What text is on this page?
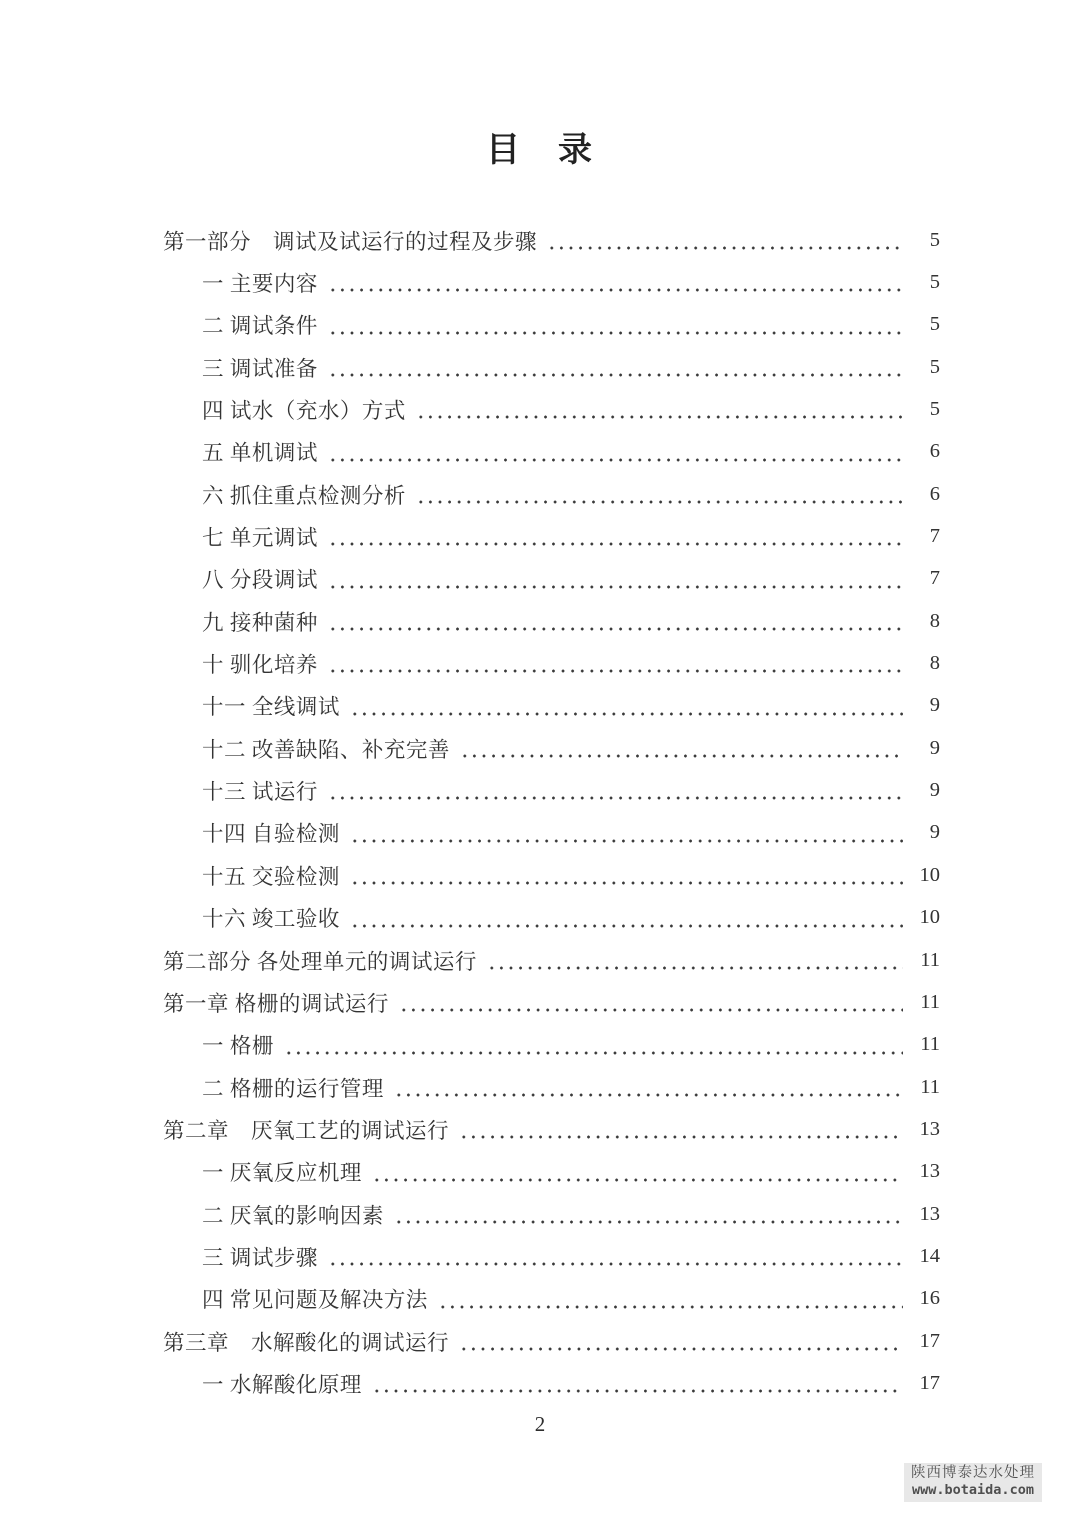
目　录
第一部分　调试及试运行的过程及步骤	5
一 主要内容	5
二 调试条件	5
三 调试准备	5
四 试水（充水）方式	5
五 单机调试	6
六 抓住重点检测分析	6
七 单元调试	7
八 分段调试	7
九 接种菌种	8
十 驯化培养	8
十一 全线调试	9
十二 改善缺陷、补充完善	9
十三 试运行	9
十四 自验检测	9
十五 交验检测	10
十六 竣工验收	10
第二部分 各处理单元的调试运行	11
第一章 格栅的调试运行	11
一 格栅	11
二 格栅的运行管理	11
第二章　厌氧工艺的调试运行	13
一 厌氧反应机理	13
二 厌氧的影响因素	13
三 调试步骤	14
四 常见问题及解决方法	16
第三章　水解酸化的调试运行	17
一 水解酸化原理	17
2
陕西博泰达水处理
www.botaida.com
